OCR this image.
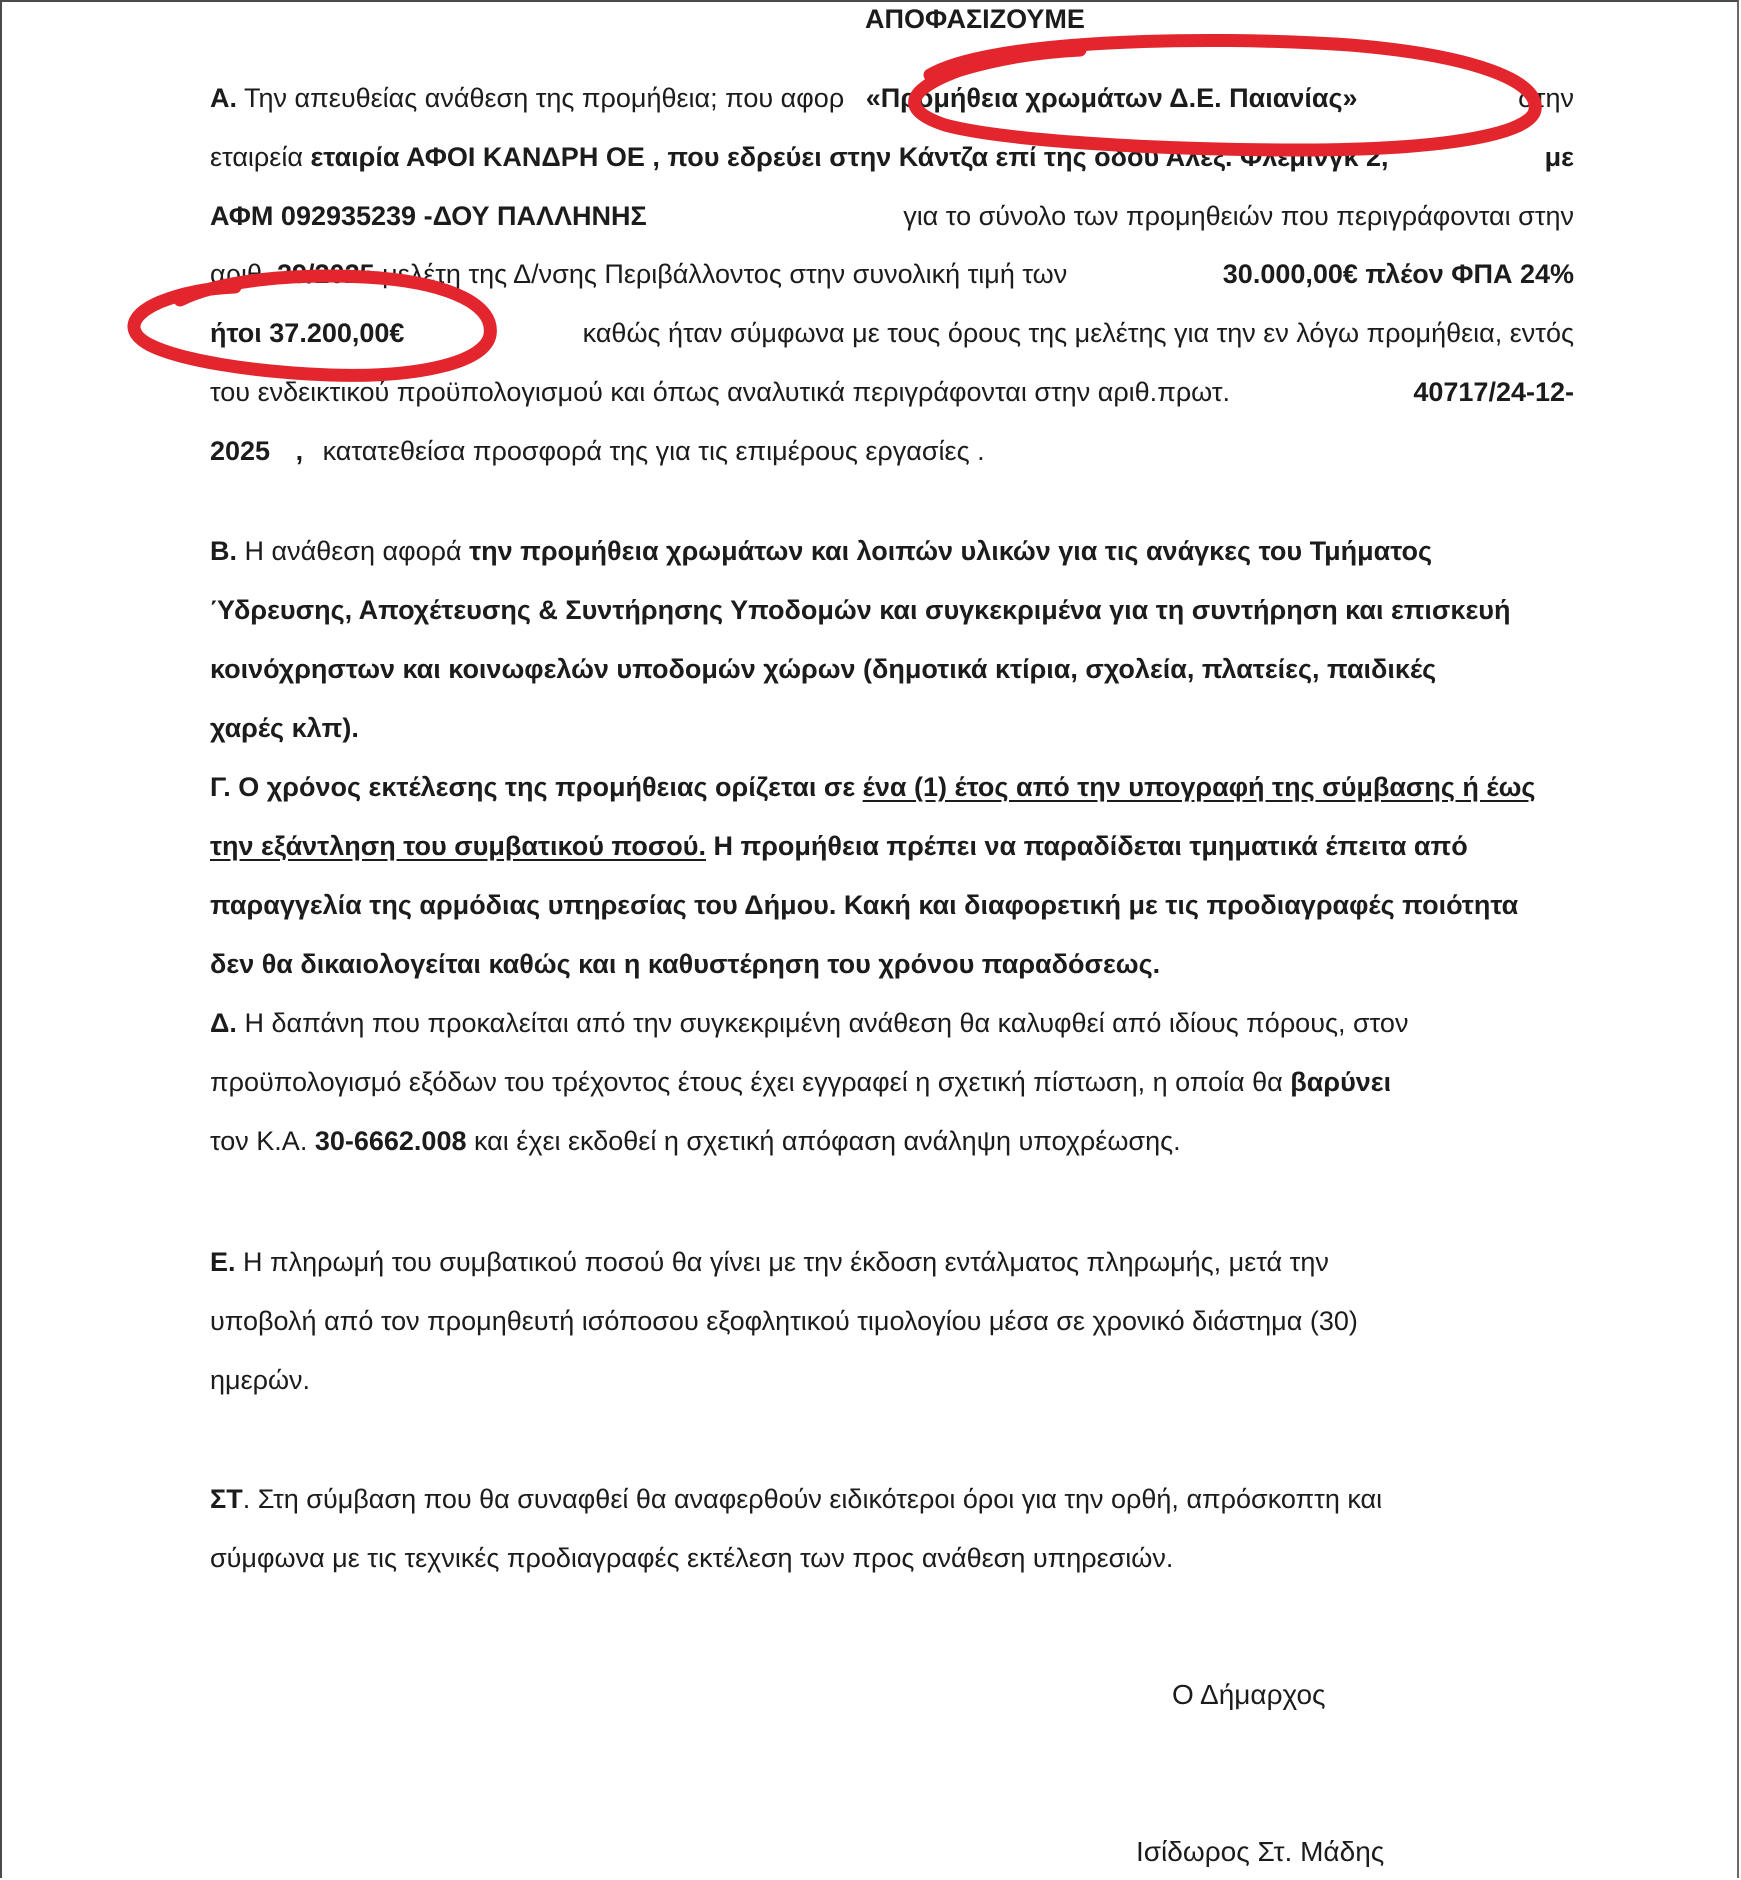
ΑΠΟΦΑΣΙΖΟΥΜΕ
Α. Την απευθείας ανάθεση της προμήθεια; που αφορ «Προμήθεια χρωμάτων Δ.Ε. Παιανίας»	στην
εταιρεία εταιρία ΑΦΟΙ ΚΑΝΔΡΗ ΟΕ , που εδρεύει στην Κάντζα επί της οδού Αλεξ. Φλέμινγκ 2,	με
ΑΦΜ 092935239 -ΔΟΥ ΠΑΛΛΗΝΗΣ	για το σύνολο των προμηθειών που περιγράφονται στην
αριθ. 29/2025 μελέτη της Δ/νσης Περιβάλλοντος στην συνολική τιμή των	30.000,00€ πλέον ΦΠΑ 24%
ήτοι 37.200,00€	καθώς ήταν σύμφωνα με τους όρους της μελέτης για την εν λόγω προμήθεια, εντός
του ενδεικτικού προϋπολογισμού και όπως αναλυτικά περιγράφονται στην αριθ.πρωτ.	40717/24-12-
2025 , κατατεθείσα προσφορά της για τις επιμέρους εργασίες .
Β. Η ανάθεση αφορά την προμήθεια χρωμάτων και λοιπών υλικών για τις ανάγκες του Τμήματος
Ύδρευσης, Αποχέτευσης & Συντήρησης Υποδομών και συγκεκριμένα για τη συντήρηση και επισκευή
κοινόχρηστων και κοινωφελών υποδομών χώρων (δημοτικά κτίρια, σχολεία, πλατείες, παιδικές
χαρές κλπ).
Γ. Ο χρόνος εκτέλεσης της προμήθειας ορίζεται σε ένα (1) έτος από την υπογραφή της σύμβασης ή έως
την εξάντληση του συμβατικού ποσού. Η προμήθεια πρέπει να παραδίδεται τμηματικά έπειτα από
παραγγελία της αρμόδιας υπηρεσίας του Δήμου. Κακή και διαφορετική με τις προδιαγραφές ποιότητα
δεν θα δικαιολογείται καθώς και η καθυστέρηση του χρόνου παραδόσεως.
Δ. Η δαπάνη που προκαλείται από την συγκεκριμένη ανάθεση θα καλυφθεί από ιδίους πόρους, στον
προϋπολογισμό εξόδων του τρέχοντος έτους έχει εγγραφεί η σχετική πίστωση, η οποία θα βαρύνει
τον Κ.Α. 30-6662.008 και έχει εκδοθεί η σχετική απόφαση ανάληψη υποχρέωσης.
Ε. Η πληρωμή του συμβατικού ποσού θα γίνει με την έκδοση εντάλματος πληρωμής, μετά την
υποβολή από τον προμηθευτή ισόποσου εξοφλητικού τιμολογίου μέσα σε χρονικό διάστημα (30)
ημερών.
ΣΤ. Στη σύμβαση που θα συναφθεί θα αναφερθούν ειδικότεροι όροι για την ορθή, απρόσκοπτη και
σύμφωνα με τις τεχνικές προδιαγραφές εκτέλεση των προς ανάθεση υπηρεσιών.
Ο Δήμαρχος
Ισίδωρος Στ. Μάδης
